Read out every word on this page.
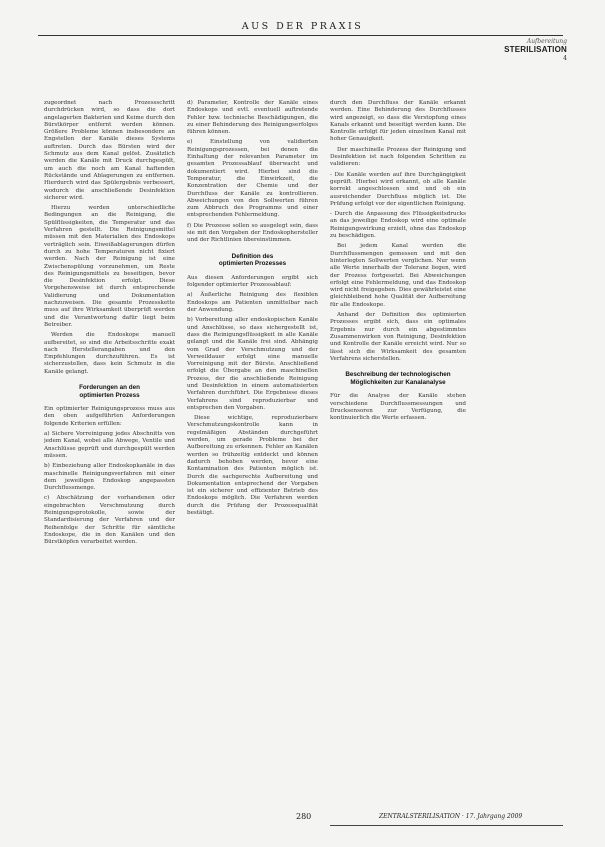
AUS DER PRAXIS
Aufbereitung
STERILISATION
4

zugeordnet nach Prozessschritt durchdrücken wird, so dass die dort angelagerten Bakterien und Keime durch den Bürstkörper entfernt werden können. Größere Probleme können insbesondere an Engstellen der Kanäle dieses Systems auftreten. Durch das Bürsten wird der Schmutz aus dem Kanal gelöst. Zusätzlich werden die Kanäle mit Druck durchgespült, um auch die noch am Kanal haftenden Rückstände und Ablagerungen zu entfernen. Hierdurch wird das Spülergebnis verbessert, wodurch die anschließende Desinfektion sicherer wird.

Hierzu werden unterschiedliche Bedingungen an die Reinigung, die Spülflüssigkeiten, die Temperatur und das Verfahren gestellt. Die Reinigungsmittel müssen mit den Materialien des Endoskops verträglich sein. Eiweißablagerungen dürfen durch zu hohe Temperaturen nicht fixiert werden. Nach der Reinigung ist eine Zwischenspülung vorzunehmen, um Reste des Reinigungsmittels zu beseitigen, bevor die Desinfektion erfolgt. Diese Vorgehensweise ist durch entsprechende Validierung und Dokumentation nachzuweisen. Die gesamte Prozesskette muss auf ihre Wirksamkeit überprüft werden und die Verantwortung dafür liegt beim Betreiber.

Werden die Endoskope manuell aufbereitet, so sind die Arbeitsschritte exakt nach Herstellerangaben und den Empfehlungen durchzuführen. Es ist sicherzustellen, dass kein Schmutz in die Kanäle gelangt.

Forderungen an den
optimierten Prozess

Ein optimierter Reinigungsprozess muss aus den oben aufgeführten Anforderungen folgende Kriterien erfüllen:

a) Sichere Vorreinigung jedes Abschnitts von jedem Kanal, wobei alle Abwege, Ventile und Anschlüsse geprüft und durchgespült werden müssen.

b) Einbeziehung aller Endoskopkanäle in das maschinelle Reinigungsverfahren mit einer dem jeweiligen Endoskop angepassten Durchflussmenge.

c) Abschätzung der vorhandenen oder eingebrachten Verschmutzung durch Reinigungsprotokolle, sowie der Standardisierung der Verfahren und der Reihenfolge der Schritte für sämtliche Endoskope, die in den Kanälen und den Bürstköpfen verarbeitet werden.

d) Parameter, Kontrolle der Kanäle eines Endoskops und evtl. eventuell auftretende Fehler bzw. technische Beschädigungen, die zu einer Behinderung des Reinigungserfolges führen können.

e) Einstellung von validierten Reinigungsprozessen, bei denen die Einhaltung der relevanten Parameter im gesamten Prozessablauf überwacht und dokumentiert wird. Hierbei sind die Temperatur, die Einwirkzeit, die Konzentration der Chemie und der Durchfluss der Kanäle zu kontrollieren. Abweichungen von den Sollwerten führen zum Abbruch des Programms und einer entsprechenden Fehlermeldung.

f) Die Prozesse sollen so ausgelegt sein, dass sie mit den Vorgaben der Endoskophersteller und der Richtlinien übereinstimmen.

Definition des
optimierten Prozesses

Aus diesen Anforderungen ergibt sich folgender optimierter Prozessablauf:

a) Äußerliche Reinigung des flexiblen Endoskops am Patienten unmittelbar nach der Anwendung.

b) Vorbereitung aller endoskopischen Kanäle und Anschlüsse, so dass sichergestellt ist, dass die Reinigungsflüssigkeit in alle Kanäle gelangt und die Kanäle frei sind. Abhängig vom Grad der Verschmutzung und der Verweildauer erfolgt eine manuelle Vorreinigung mit der Bürste. Anschließend erfolgt die Übergabe an den maschinellen Prozess, der die anschließende Reinigung und Desinfektion in einem automatisierten Verfahren durchführt. Die Ergebnisse dieses Verfahrens sind reproduzierbar und entsprechen den Vorgaben.

Diese wichtige, reproduzierbare Verschmutzungskontrolle kann in regelmäßigen Abständen durchgeführt werden, um gerade Probleme bei der Aufbereitung zu erkennen. Fehler an Kanälen werden so frühzeitig entdeckt und können dadurch behoben werden, bevor eine Kontamination des Patienten möglich ist. Durch die sachgerechte Aufbereitung und Dokumentation entsprechend der Vorgaben ist ein sicherer und effizienter Betrieb des Endoskops möglich. Die Verfahren werden durch die Prüfung der Prozessqualität bestätigt.

durch den Durchfluss der Kanäle erkannt werden. Eine Behinderung des Durchflusses wird angezeigt, so dass die Verstopfung eines Kanals erkannt und beseitigt werden kann. Die Kontrolle erfolgt für jeden einzelnen Kanal mit hoher Genauigkeit.

Der maschinelle Prozess der Reinigung und Desinfektion ist nach folgenden Schritten zu validieren:

- Die Kanäle werden auf ihre Durchgängigkeit geprüft. Hierbei wird erkannt, ob alle Kanäle korrekt angeschlossen sind und ob ein ausreichender Durchfluss möglich ist. Die Prüfung erfolgt vor der eigentlichen Reinigung.

- Durch die Anpassung des Flüssigkeitsdrucks an das jeweilige Endoskop wird eine optimale Reinigungswirkung erzielt, ohne das Endoskop zu beschädigen.

Bei jedem Kanal werden die Durchflussmengen gemessen und mit den hinterlegten Sollwerten verglichen. Nur wenn alle Werte innerhalb der Toleranz liegen, wird der Prozess fortgesetzt. Bei Abweichungen erfolgt eine Fehlermeldung, und das Endoskop wird nicht freigegeben. Dies gewährleistet eine gleichbleibend hohe Qualität der Aufbereitung für alle Endoskope.

Anhand der Definition des optimierten Prozesses ergibt sich, dass ein optimales Ergebnis nur durch ein abgestimmtes Zusammenwirken von Reinigung, Desinfektion und Kontrolle der Kanäle erreicht wird. Nur so lässt sich die Wirksamkeit des gesamten Verfahrens sicherstellen.

Beschreibung der technologischen
Möglichkeiten zur Kanalanalyse

Für die Analyse der Kanäle stehen verschiedene Durchflussmessungen und Drucksensoren zur Verfügung, die kontinuierlich die Werte erfassen.

280	ZENTRALSTERILISATION · 17. Jahrgang 2009
